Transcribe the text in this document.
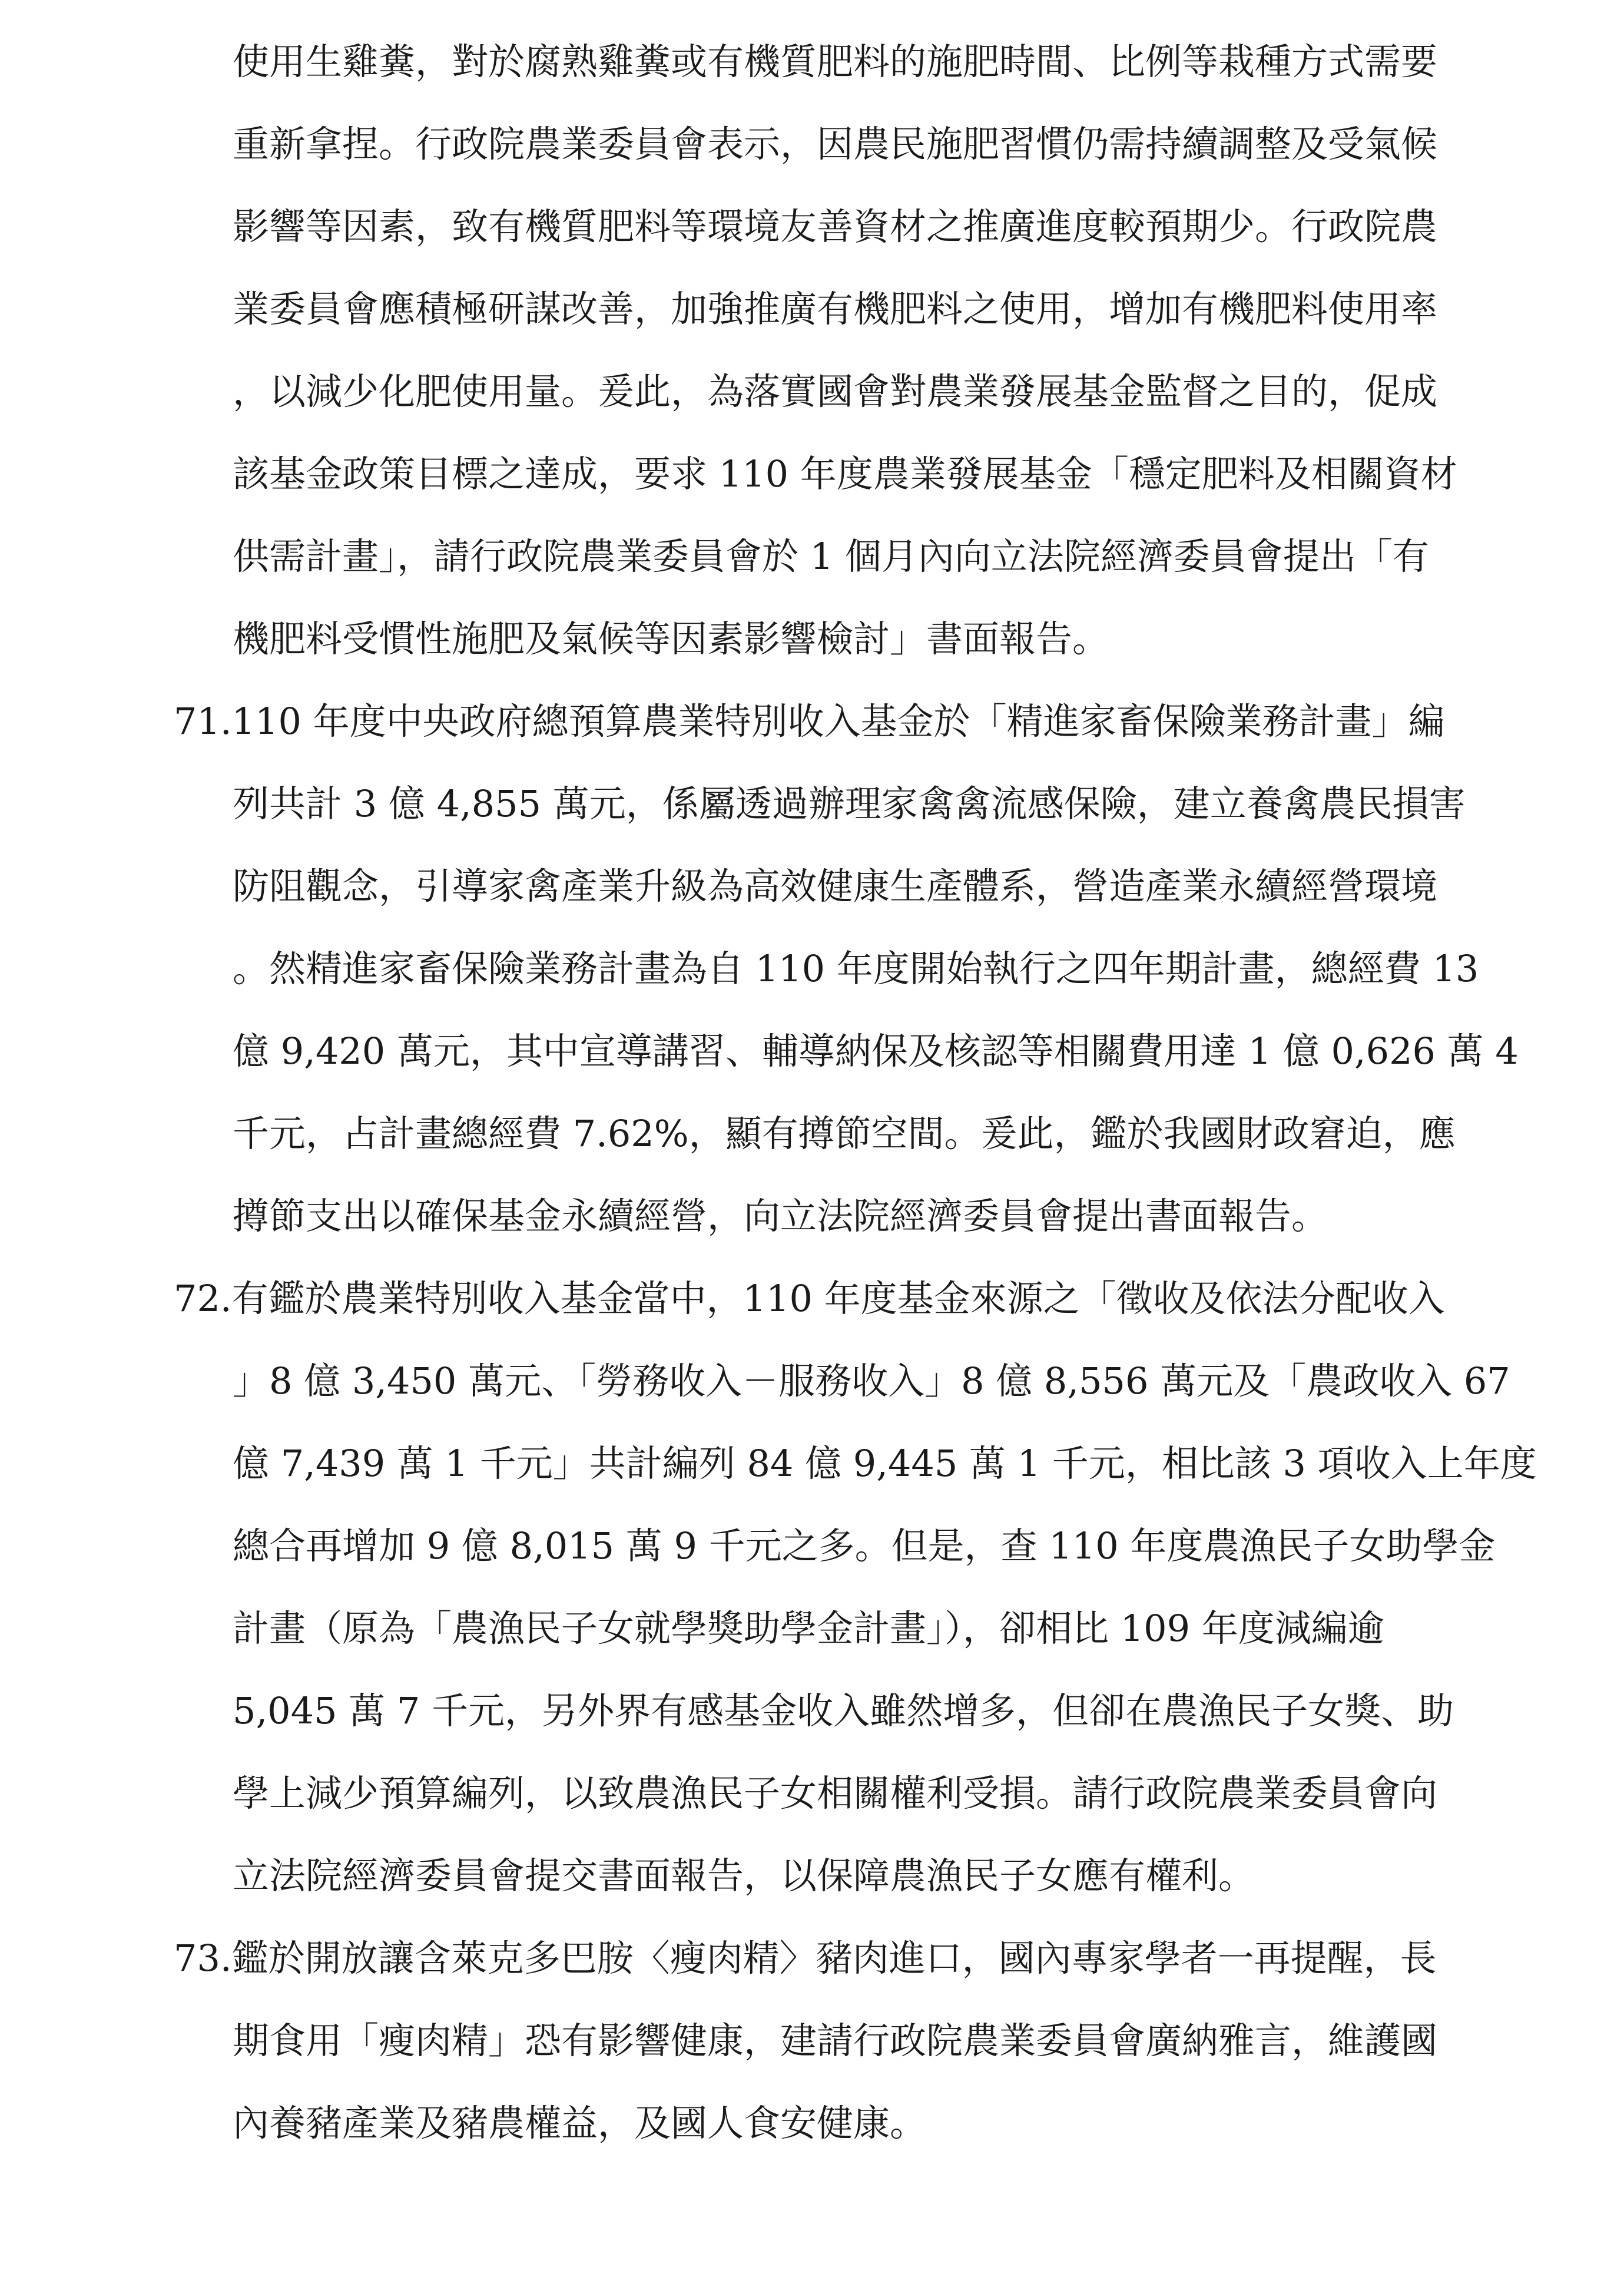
使用生雞糞，對於腐熟雞糞或有機質肥料的施肥時間、比例等栽種方式需要
重新拿捏。行政院農業委員會表示，因農民施肥習慣仍需持續調整及受氣候
影響等因素，致有機質肥料等環境友善資材之推廣進度較預期少。行政院農
業委員會應積極研謀改善，加強推廣有機肥料之使用，增加有機肥料使用率
，以減少化肥使用量。爰此，為落實國會對農業發展基金監督之目的，促成
該基金政策目標之達成，要求 110 年度農業發展基金「穩定肥料及相關資材
供需計畫」，請行政院農業委員會於 1 個月內向立法院經濟委員會提出「有
機肥料受慣性施肥及氣候等因素影響檢討」書面報告。
71.110 年度中央政府總預算農業特別收入基金於「精進家畜保險業務計畫」編
列共計 3 億 4,855 萬元，係屬透過辦理家禽禽流感保險，建立養禽農民損害
防阻觀念，引導家禽產業升級為高效健康生產體系，營造產業永續經營環境
。然精進家畜保險業務計畫為自 110 年度開始執行之四年期計畫，總經費 13
億 9,420 萬元，其中宣導講習、輔導納保及核認等相關費用達 1 億 0,626 萬 4
千元，占計畫總經費 7.62%，顯有撙節空間。爰此，鑑於我國財政窘迫，應
撙節支出以確保基金永續經營，向立法院經濟委員會提出書面報告。
72.有鑑於農業特別收入基金當中，110 年度基金來源之「徵收及依法分配收入
」8 億 3,450 萬元、「勞務收入－服務收入」8 億 8,556 萬元及「農政收入 67
億 7,439 萬 1 千元」共計編列 84 億 9,445 萬 1 千元，相比該 3 項收入上年度
總合再增加 9 億 8,015 萬 9 千元之多。但是，查 110 年度農漁民子女助學金
計畫（原為「農漁民子女就學獎助學金計畫」），卻相比 109 年度減編逾
5,045 萬 7 千元，另外界有感基金收入雖然增多，但卻在農漁民子女獎、助
學上減少預算編列，以致農漁民子女相關權利受損。請行政院農業委員會向
立法院經濟委員會提交書面報告，以保障農漁民子女應有權利。
73.鑑於開放讓含萊克多巴胺〈瘦肉精〉豬肉進口，國內專家學者一再提醒，長
期食用「瘦肉精」恐有影響健康，建請行政院農業委員會廣納雅言，維護國
內養豬產業及豬農權益，及國人食安健康。
